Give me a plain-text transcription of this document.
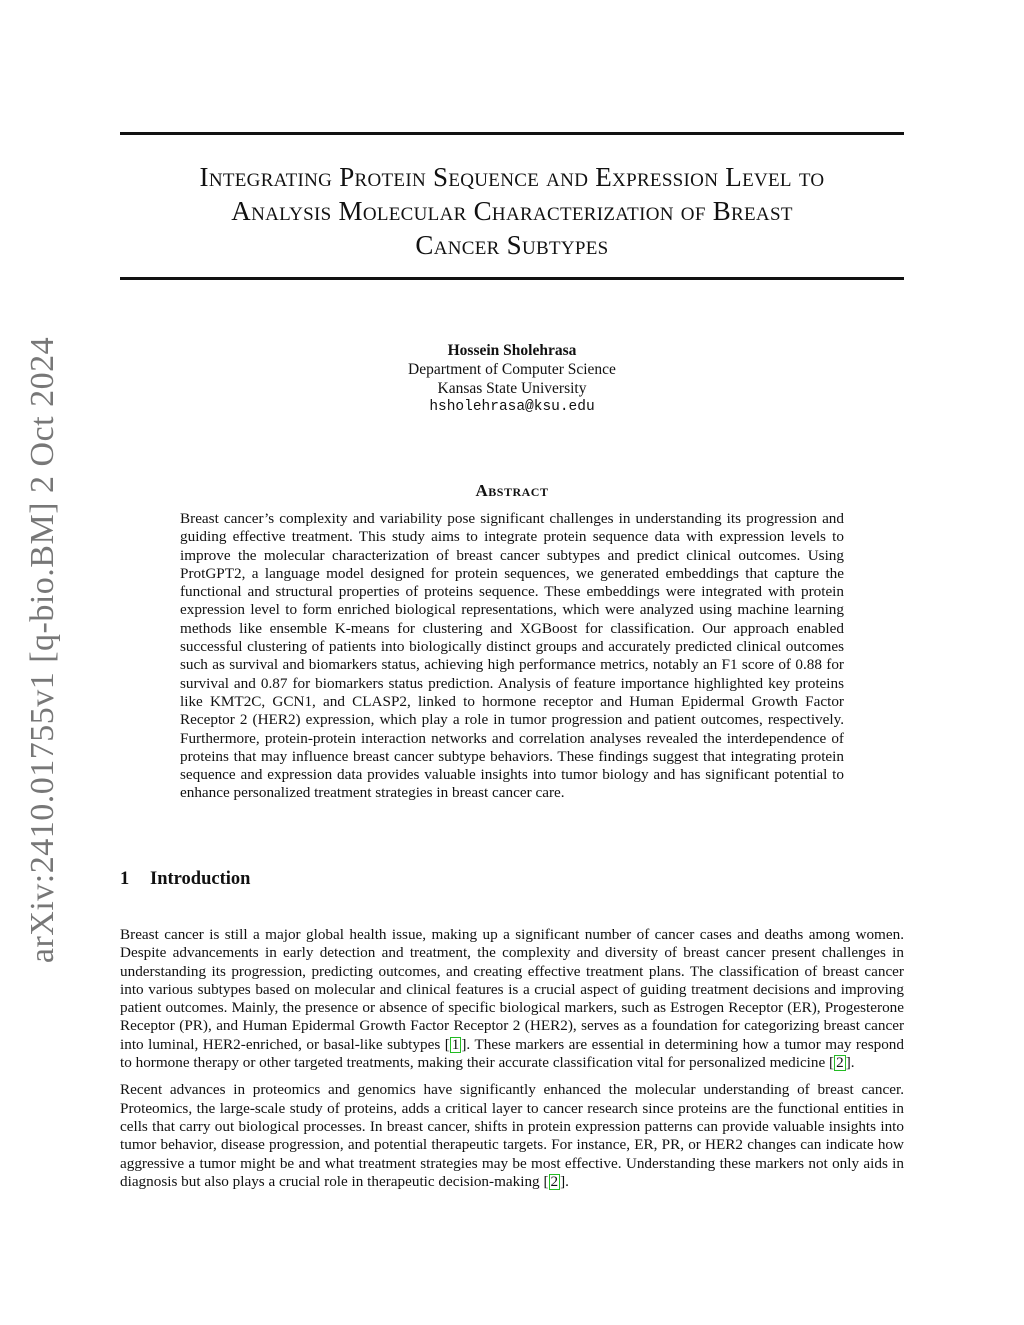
Integrating Protein Sequence and Expression Level to
Analysis Molecular Characterization of Breast
Cancer Subtypes
arXiv:2410.01755v1 [q-bio.BM] 2 Oct 2024	Hossein Sholehrasa
Department of Computer Science
Kansas State University
hsholehrasa@ksu.edu
Abstract
Breast cancer’s complexity and variability pose significant challenges in understanding its progression and guiding effective treatment. This study aims to integrate protein sequence data with expression levels to improve the molecular characterization of breast cancer subtypes and predict clinical outcomes. Using ProtGPT2, a language model designed for protein sequences, we generated embeddings that capture the functional and structural properties of proteins sequence. These embeddings were integrated with protein expression level to form enriched biological representations, which were analyzed using machine learning methods like ensemble K-means for clustering and XGBoost for classification. Our approach enabled successful clustering of patients into biologically distinct groups and accurately predicted clinical outcomes such as survival and biomarkers status, achieving high performance metrics, notably an F1 score of 0.88 for survival and 0.87 for biomarkers status prediction. Analysis of feature importance highlighted key proteins like KMT2C, GCN1, and CLASP2, linked to hormone receptor and Human Epidermal Growth Factor Receptor 2 (HER2) expression, which play a role in tumor progression and patient outcomes, respectively. Furthermore, protein-protein interaction networks and correlation analyses revealed the interdependence of proteins that may influence breast cancer subtype behaviors. These findings suggest that integrating protein sequence and expression data provides valuable insights into tumor biology and has significant potential to enhance personalized treatment strategies in breast cancer care.
1 Introduction

Breast cancer is still a major global health issue, making up a significant number of cancer cases and deaths among women. Despite advancements in early detection and treatment, the complexity and diversity of breast cancer present challenges in understanding its progression, predicting outcomes, and creating effective treatment plans. The classification of breast cancer into various subtypes based on molecular and clinical features is a crucial aspect of guiding treatment decisions and improving patient outcomes. Mainly, the presence or absence of specific biological markers, such as Estrogen Receptor (ER), Progesterone Receptor (PR), and Human Epidermal Growth Factor Receptor 2 (HER2), serves as a foundation for categorizing breast cancer into luminal, HER2-enriched, or basal-like subtypes [ 1 ]. These markers are essential in determining how a tumor may respond to hormone therapy or other targeted treatments, making their accurate classification vital for personalized medicine [ 2 ].

Recent advances in proteomics and genomics have significantly enhanced the molecular understanding of breast cancer. Proteomics, the large-scale study of proteins, adds a critical layer to cancer research since proteins are the functional entities in cells that carry out biological processes. In breast cancer, shifts in protein expression patterns can provide valuable insights into tumor behavior, disease progression, and potential therapeutic targets. For instance, ER, PR, or HER2 changes can indicate how aggressive a tumor might be and what treatment strategies may be most effective. Understanding these markers not only aids in diagnosis but also plays a crucial role in therapeutic decision-making [ 2 ].
